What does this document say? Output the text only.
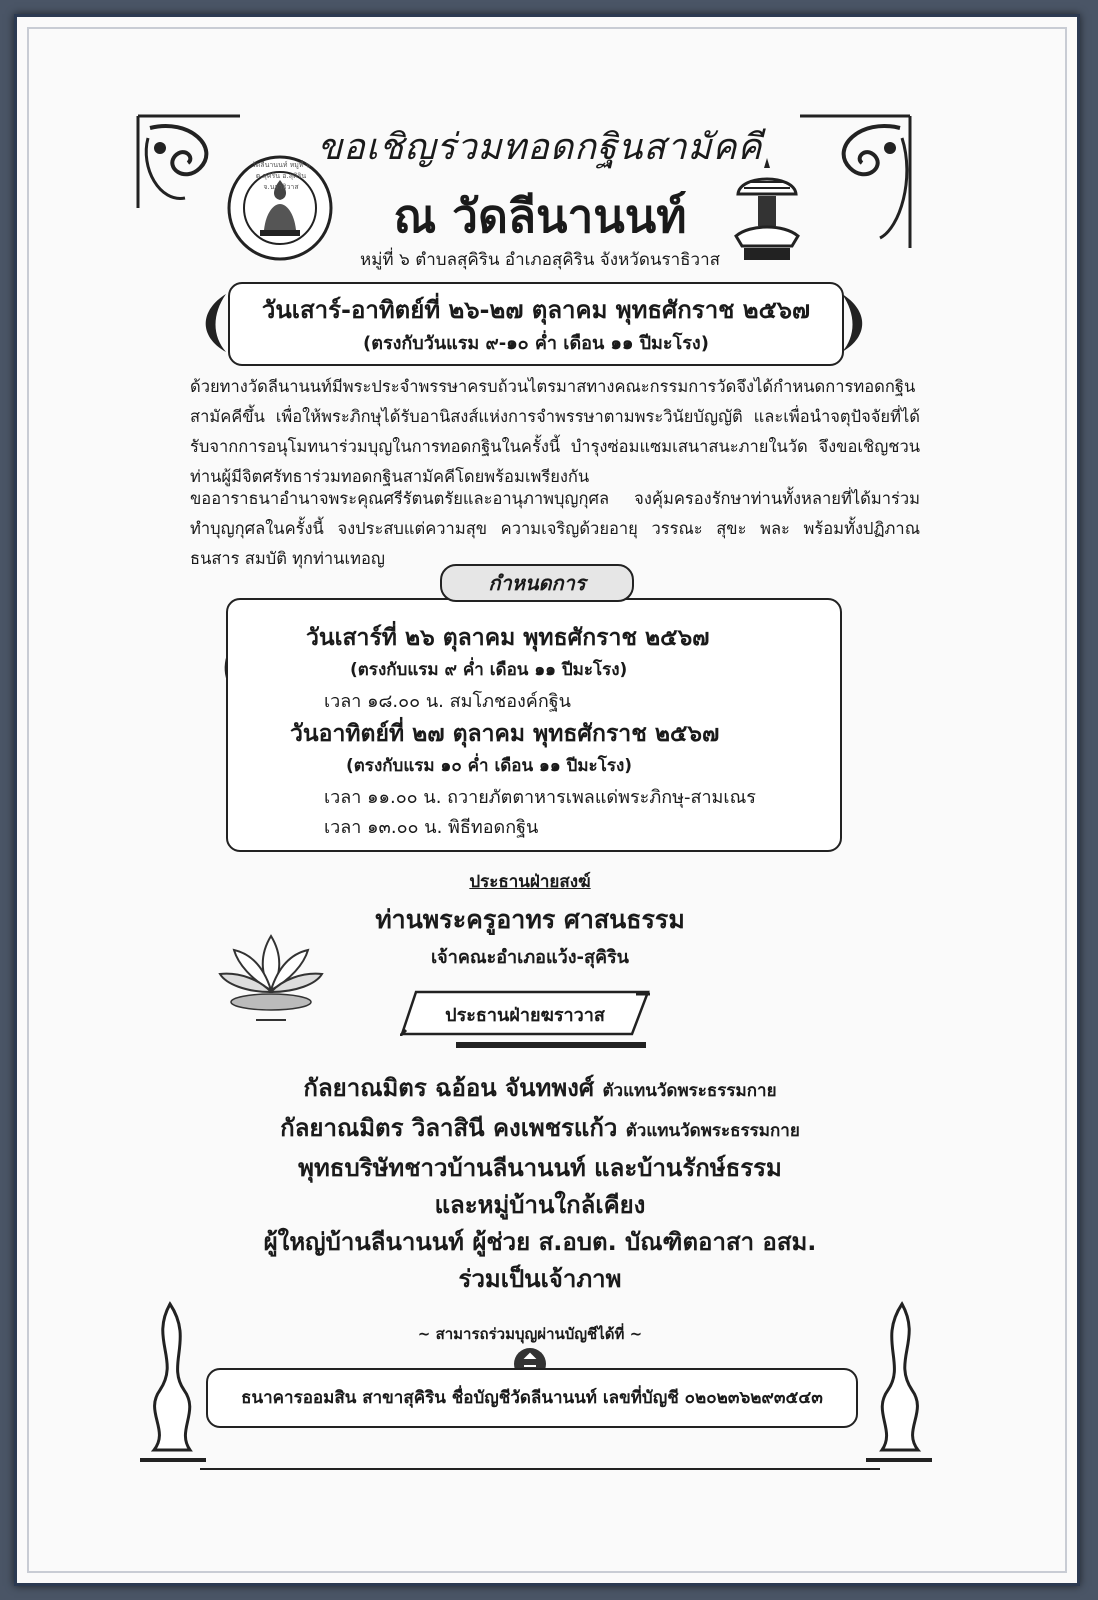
วัดลีนานนท์ หมู่ที่ ๖ ต.สุคิริน อ.สุคิริน จ.นราธิวาส
ขอเชิญร่วมทอดกฐินสามัคคี
ณ วัดลีนานนท์
หมู่ที่ ๖ ตำบลสุคิริน อำเภอสุคิริน จังหวัดนราธิวาส
วันเสาร์-อาทิตย์ที่ ๒๖-๒๗ ตุลาคม พุทธศักราช ๒๕๖๗
(ตรงกับวันแรม ๙-๑๐ ค่ำ เดือน ๑๑ ปีมะโรง)
ด้วยทางวัดลีนานนท์มีพระประจำพรรษาครบถ้วนไตรมาสทางคณะกรรมการวัดจึงได้กำหนดการทอดกฐินสามัคคีขึ้น เพื่อให้พระภิกษุได้รับอานิสงส์แห่งการจำพรรษาตามพระวินัยบัญญัติ และเพื่อนำจตุปัจจัยที่ได้รับจากการอนุโมทนาร่วมบุญในการทอดกฐินในครั้งนี้ บำรุงซ่อมแซมเสนาสนะภายในวัด จึงขอเชิญชวนท่านผู้มีจิตศรัทธาร่วมทอดกฐินสามัคคีโดยพร้อมเพรียงกัน
ขออาราธนาอำนาจพระคุณศรีรัตนตรัยและอานุภาพบุญกุศล จงคุ้มครองรักษาท่านทั้งหลายที่ได้มาร่วมทำบุญกุศลในครั้งนี้ จงประสบแต่ความสุข ความเจริญด้วยอายุ วรรณะ สุขะ พละ พร้อมทั้งปฏิภาณ ธนสาร สมบัติ ทุกท่านเทอญ
วันเสาร์ที่ ๒๖ ตุลาคม พุทธศักราช ๒๕๖๗
(ตรงกับแรม ๙ ค่ำ เดือน ๑๑ ปีมะโรง)
เวลา ๑๘.๐๐ น. สมโภชองค์กฐิน
วันอาทิตย์ที่ ๒๗ ตุลาคม พุทธศักราช ๒๕๖๗
(ตรงกับแรม ๑๐ ค่ำ เดือน ๑๑ ปีมะโรง)
เวลา ๑๑.๐๐ น. ถวายภัตตาหารเพลแด่พระภิกษุ-สามเณร
เวลา ๑๓.๐๐ น. พิธีทอดกฐิน
กำหนดการ
ประธานฝ่ายสงฆ์
ท่านพระครูอาทร ศาสนธรรม
เจ้าคณะอำเภอแว้ง-สุคิริน
ประธานฝ่ายฆราวาส
กัลยาณมิตร ฉอ้อน จันทพงศ์ ตัวแทนวัดพระธรรมกาย
กัลยาณมิตร วิลาสินี คงเพชรแก้ว ตัวแทนวัดพระธรรมกาย
พุทธบริษัทชาวบ้านลีนานนท์ และบ้านรักษ์ธรรม
และหมู่บ้านใกล้เคียง
ผู้ใหญ่บ้านลีนานนท์ ผู้ช่วย ส.อบต. บัณฑิตอาสา อสม.
ร่วมเป็นเจ้าภาพ
~ สามารถร่วมบุญผ่านบัญชีได้ที่ ~
ธนาคารออมสิน สาขาสุคิริน ชื่อบัญชีวัดลีนานนท์ เลขที่บัญชี ๐๒๐๒๓๖๒๙๓๕๔๓
